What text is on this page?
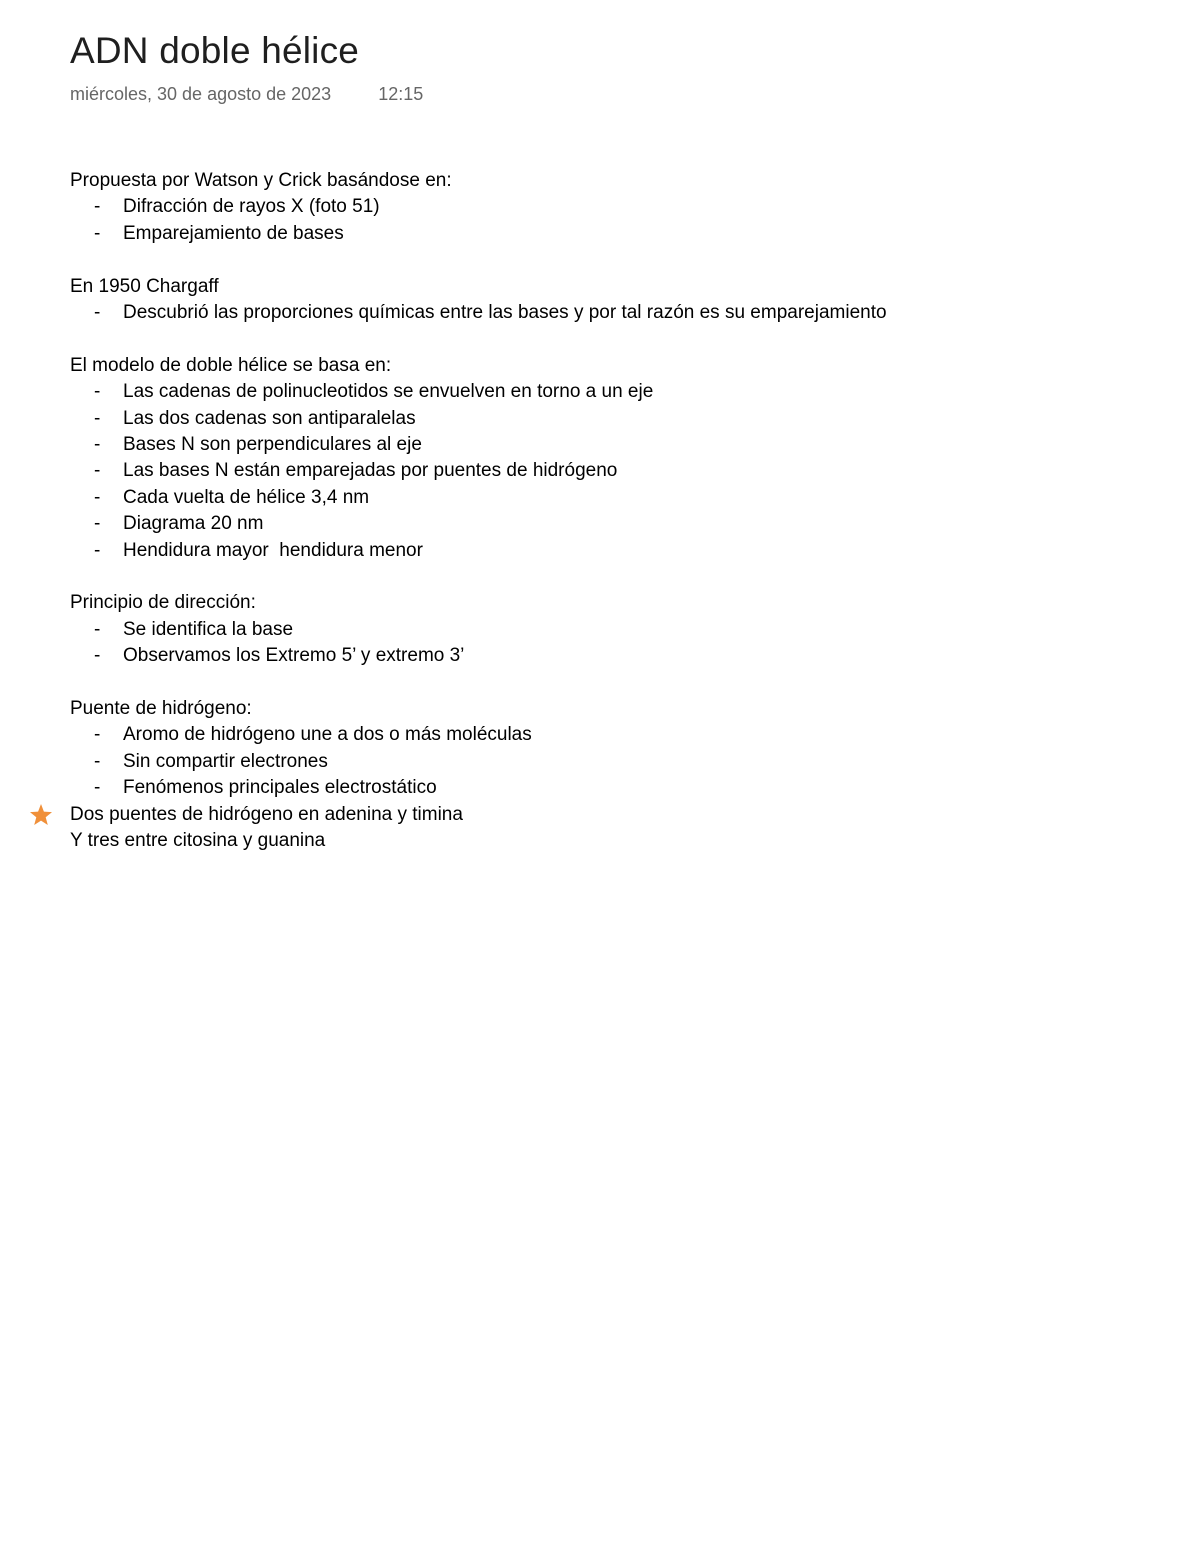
ADN doble hélice
miércoles, 30 de agosto de 2023	12:15
Propuesta por Watson y Crick basándose en:
- Difracción de rayos X (foto 51)
- Emparejamiento de bases
En 1950 Chargaff
- Descubrió las proporciones químicas entre las bases y por tal razón es su emparejamiento
El modelo de doble hélice se basa en:
- Las cadenas de polinucleotidos se envuelven en torno a un eje
- Las dos cadenas son antiparalelas
- Bases N son perpendiculares al eje
- Las bases N están emparejadas por puentes de hidrógeno
- Cada vuelta de hélice 3,4 nm
- Diagrama 20 nm
- Hendidura mayor  hendidura menor
Principio de dirección:
- Se identifica la base
- Observamos los Extremo 5’ y extremo 3’
Puente de hidrógeno:
- Aromo de hidrógeno une a dos o más moléculas
- Sin compartir electrones
- Fenómenos principales electrostático
Dos puentes de hidrógeno en adenina y timina
Y tres entre citosina y guanina
